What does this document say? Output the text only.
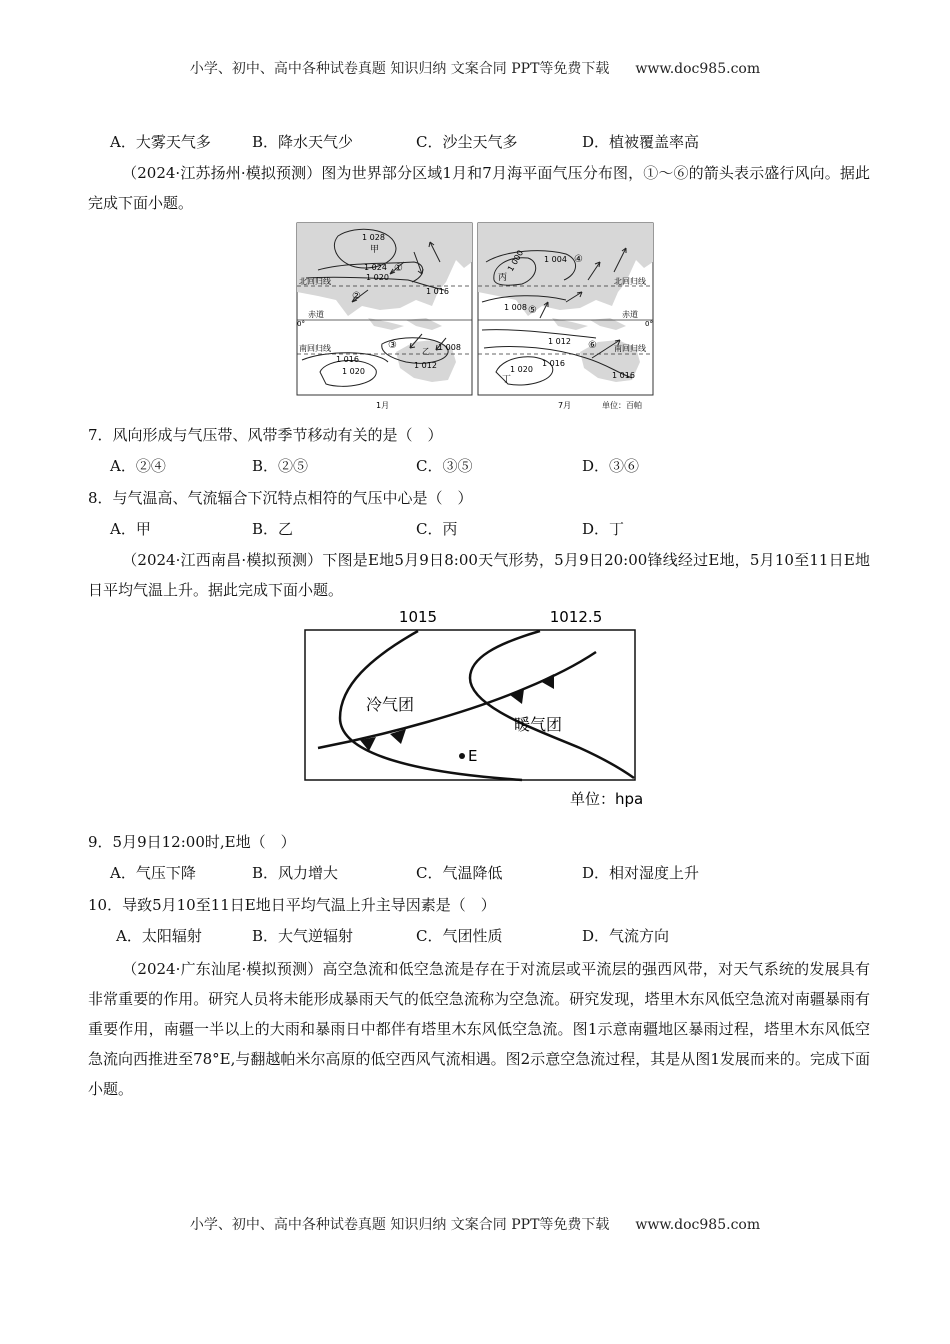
小学、初中、高中各种试卷真题 知识归纳 文案合同 PPT等免费下载 www.doc985.com
A．大雾天气多	B．降水天气少	C．沙尘天气多	D．植被覆盖率高
（2024·江苏扬州·模拟预测）图为世界部分区域1月和7月海平面气压分布图，①～⑥的箭头表示盛行风向。据此完成下面小题。
1 028
甲
1 024
1 020
1 016
1 008
1 012
1 016
1 020
乙
①
②
③
北回归线
赤道
0°
南回归线
1月
1 004
1 000
丙
1 008
1 012
1 016
1 016
1 020
丁
④
⑤
⑥
北回归线
赤道
0°
南回归线
7月	单位：百帕
7．风向形成与气压带、风带季节移动有关的是（　）
A．②④	B．②⑤	C．③⑤	D．③⑥
8．与气温高、气流辐合下沉特点相符的气压中心是（　）
A．甲	B．乙	C．丙	D．丁
（2024·江西南昌·模拟预测）下图是E地5月9日8:00天气形势，5月9日20:00锋线经过E地，5月10至11日E地日平均气温上升。据此完成下面小题。
1015	1012.5
冷气团
暖气团
E
单位：hpa
9．5月9日12:00时,E地（　）
A．气压下降	B．风力增大	C．气温降低	D．相对湿度上升
10．导致5月10至11日E地日平均气温上升主导因素是（　）
A．太阳辐射	B．大气逆辐射	C．气团性质	D．气流方向
（2024·广东汕尾·模拟预测）高空急流和低空急流是存在于对流层或平流层的强西风带，对天气系统的发展具有非常重要的作用。研究人员将未能形成暴雨天气的低空急流称为空急流。研究发现，塔里木东风低空急流对南疆暴雨有重要作用，南疆一半以上的大雨和暴雨日中都伴有塔里木东风低空急流。图1示意南疆地区暴雨过程，塔里木东风低空急流向西推进至78°E,与翻越帕米尔高原的低空西风气流相遇。图2示意空急流过程，其是从图1发展而来的。完成下面小题。
小学、初中、高中各种试卷真题 知识归纳 文案合同 PPT等免费下载 www.doc985.com
